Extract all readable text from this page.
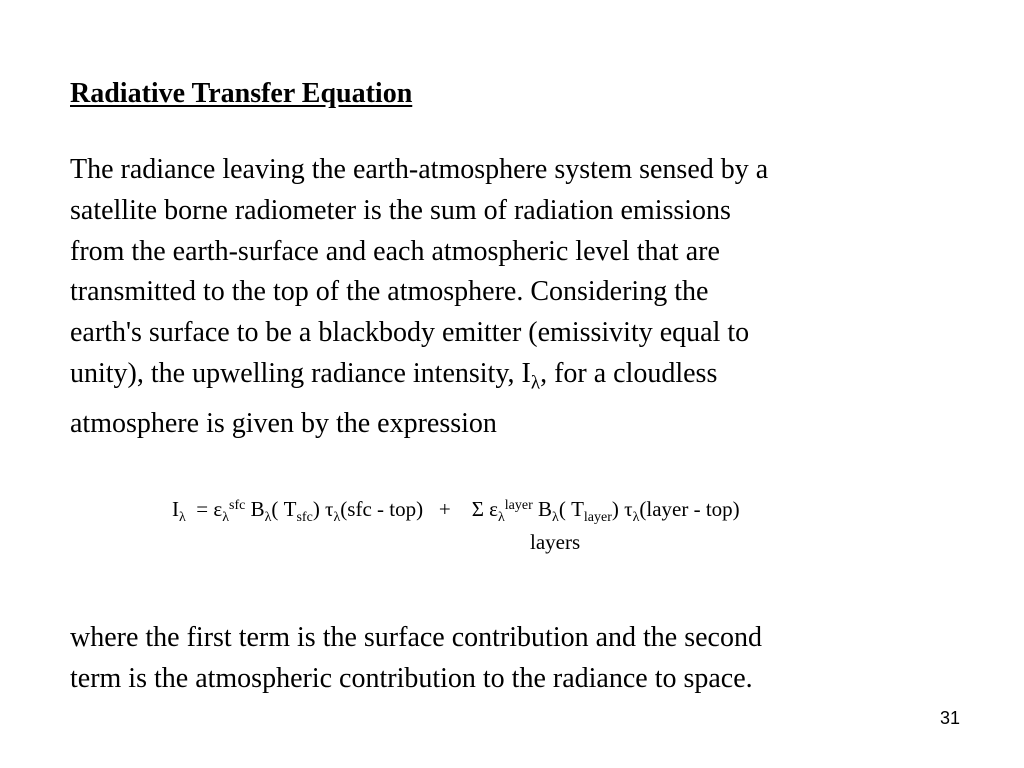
Radiative Transfer Equation

The radiance leaving the earth-atmosphere system sensed by a
satellite borne radiometer is the sum of radiation emissions
from the earth-surface and each atmospheric level that are
transmitted to the top of the atmosphere. Considering the
earth's surface to be a blackbody emitter (emissivity equal to
unity), the upwelling radiance intensity, $I_\lambda$, for a cloudless
atmosphere is given by the expression

$I_\lambda = \varepsilon_\lambda^{sfc}$ $B_\lambda$( $T_{sfc}$) $\tau_\lambda(sfc - top)$ +    Σ $\varepsilon_\lambda^{layer}$ $B_\lambda$( $T_{layer}$) $\tau_\lambda(layer - top)$
layers

where the first term is the surface contribution and the second
term is the atmospheric contribution to the radiance to space.

31
